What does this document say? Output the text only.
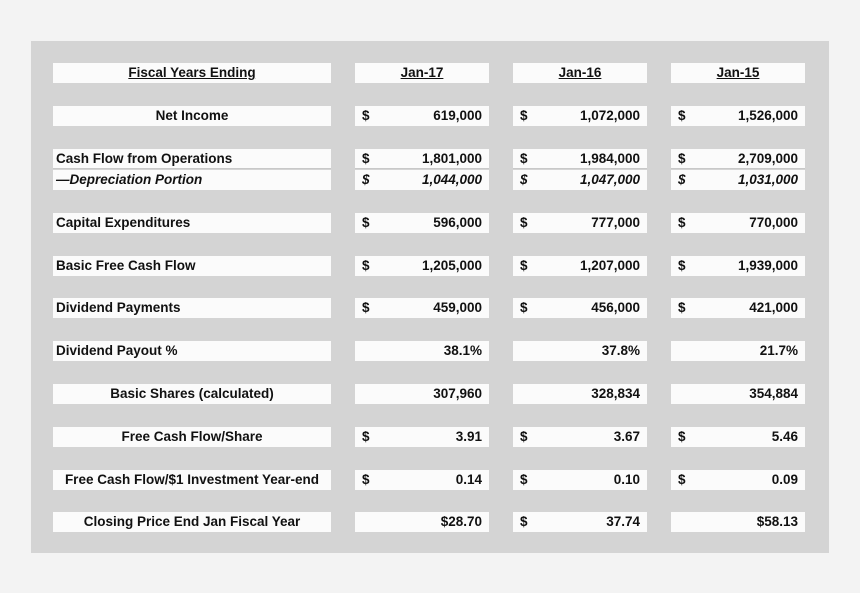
Fiscal Years Ending	Jan-17	Jan-16	Jan-15
Net Income	$	619,000	$	1,072,000	$	1,526,000
Cash Flow from Operations	$	1,801,000	$	1,984,000	$	2,709,000
—Depreciation Portion	$	1,044,000	$	1,047,000	$	1,031,000
Capital Expenditures	$	596,000	$	777,000	$	770,000
Basic Free Cash Flow	$	1,205,000	$	1,207,000	$	1,939,000
Dividend Payments	$	459,000	$	456,000	$	421,000
Dividend Payout %	38.1%	37.8%	21.7%
Basic Shares (calculated)	307,960	328,834	354,884
Free Cash Flow/Share	$	3.91	$	3.67	$	5.46
Free Cash Flow/$1 Investment Year-end	$	0.14	$	0.10	$	0.09
Closing Price End Jan Fiscal Year	$28.70	$	37.74	$58.13
